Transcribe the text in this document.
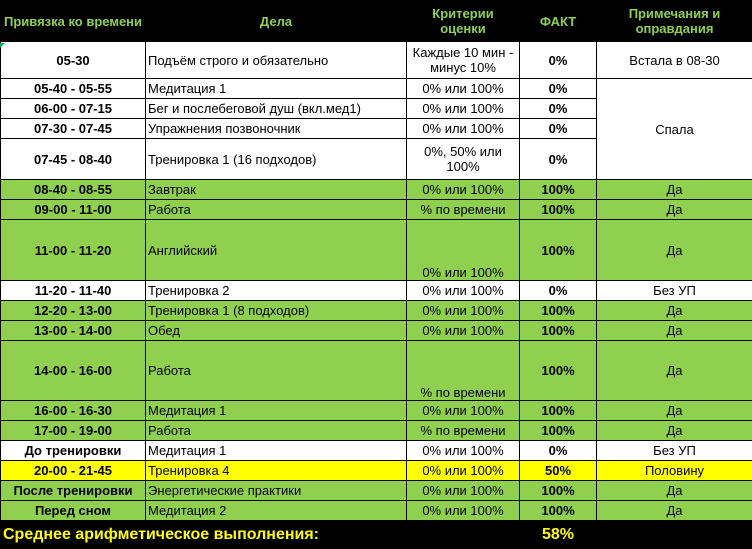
Привязка ко времени	Дела	Критерии оценки	ФАКТ	Примечания и оправдания
05-30	Подъём строго и обязательно	Каждые 10 мин - минус 10%	0%	Встала в 08-30
05-40 - 05-55	Медитация 1	0% или 100%	0%	Спала
06-00 - 07-15	Бег и послебеговой душ (вкл.мед1)	0% или 100%	0%	
07-30 - 07-45	Упражнения позвоночник	0% или 100%	0%	
07-45 - 08-40	Тренировка 1 (16 подходов)	0%, 50% или 100%	0%	
08-40 - 08-55	Завтрак	0% или 100%	100%	Да
09-00 - 11-00	Работа	% по времени	100%	Да
11-00 - 11-20	Английский	0% или 100%	100%	Да
11-20 - 11-40	Тренировка 2	0% или 100%	0%	Без УП
12-20 - 13-00	Тренировка 1 (8 подходов)	0% или 100%	100%	Да
13-00 - 14-00	Обед	0% или 100%	100%	Да
14-00 - 16-00	Работа	% по времени	100%	Да
16-00 - 16-30	Медитация 1	0% или 100%	100%	Да
17-00 - 19-00	Работа	% по времени	100%	Да
До тренировки	Медитация 1	0% или 100%	0%	Без УП
20-00 - 21-45	Тренировка 4	0% или 100%	50%	Половину
После тренировки	Энергетические практики	0% или 100%	100%	Да
Перед сном	Медитация 2	0% или 100%	100%	Да
Среднее арифметическое выполнения:			58%	
